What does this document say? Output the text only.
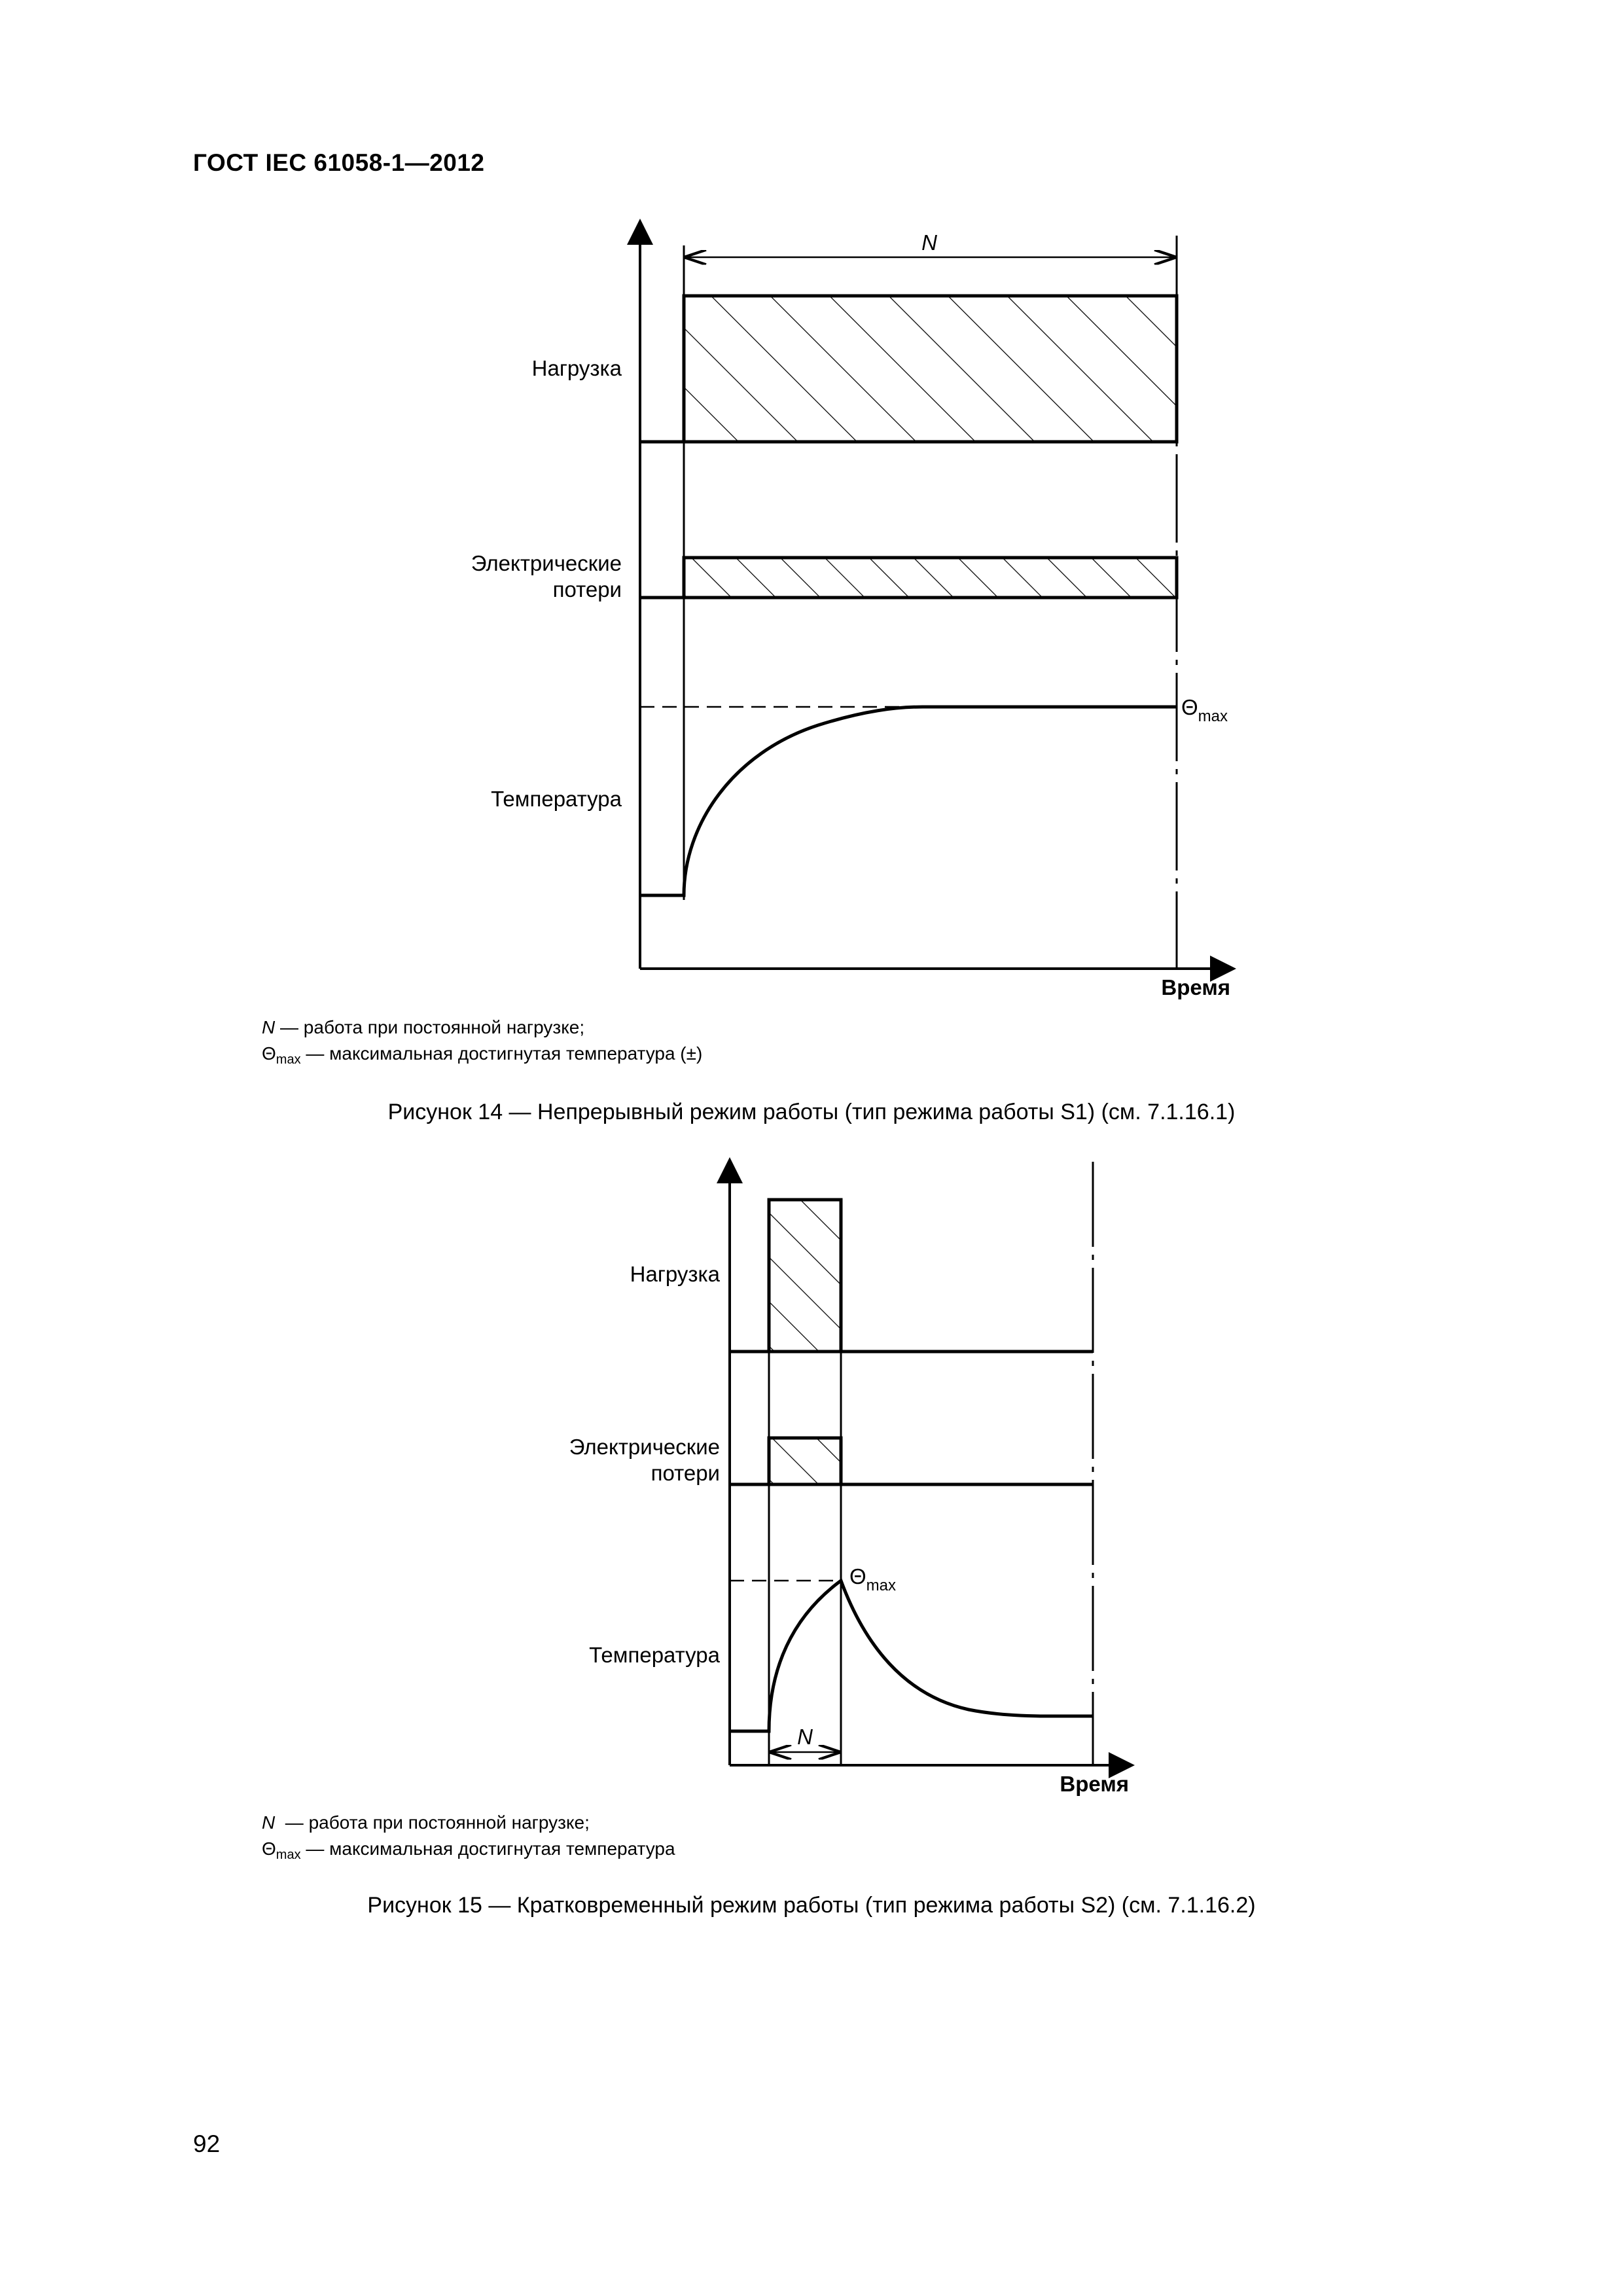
ГОСТ IEC 61058-1—2012
N
Нагрузка
Электрические
потери
Температура
$\Theta_{max}$
Время
N — работа при постоянной нагрузке;
$\Theta_{max}$ — максимальная достигнутая температура (±)
Рисунок 14 — Непрерывный режим работы (тип режима работы S1) (см. 7.1.16.1)
Нагрузка
Электрические
потери
Температура
$\Theta_{max}$
N
Время
N  — работа при постоянной нагрузке;
$\Theta_{max}$ — максимальная достигнутая температура
Рисунок 15 — Кратковременный режим работы (тип режима работы S2) (см. 7.1.16.2)
92
